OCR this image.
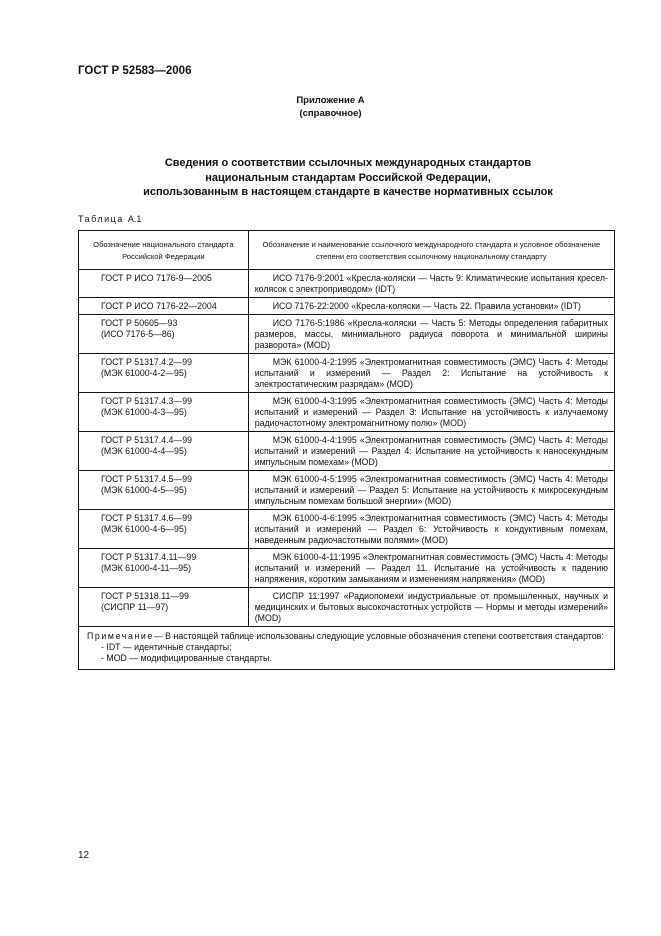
ГОСТ Р 52583—2006
Приложение А
(справочное)
Сведения о соответствии ссылочных международных стандартов
национальным стандартам Российской Федерации,
использованным в настоящем стандарте в качестве нормативных ссылок
Таблица А.1
Обозначение национального стандарта Российской Федерации	Обозначение и наименование ссылочного международного стандарта и условное обозначение степени его соответствия ссылочному национальному стандарту

ГОСТ Р ИСО 7176-9—2005	ИСО 7176-9:2001 «Кресла-коляски — Часть 9: Климатические испытания кресел-колясок с электроприводом» (IDT)

ГОСТ Р ИСО 7176-22—2004	ИСО 7176-22:2000 «Кресла-коляски — Часть 22. Правила установки» (IDT)

ГОСТ Р 50605—93
(ИСО 7176-5—86)	ИСО 7176-5:1986 «Кресла-коляски — Часть 5: Методы определения габаритных размеров, массы, минимального радиуса поворота и минимальной ширины разворота» (MOD)

ГОСТ Р 51317.4.2—99
(МЭК 61000-4-2—95)	МЭК 61000-4-2:1995 «Электромагнитная совместимость (ЭМС) Часть 4: Методы испытаний и измерений — Раздел 2: Испытание на устойчивость к электростатическим разрядам» (MOD)

ГОСТ Р 51317.4.3—99
(МЭК 61000-4-3—95)	МЭК 61000-4-3:1995 «Электромагнитная совместимость (ЭМС) Часть 4: Методы испытаний и измерений — Раздел 3: Испытание на устойчивость к излучаемому радиочастотному электромагнитному полю» (MOD)

ГОСТ Р 51317.4.4—99
(МЭК 61000-4-4—95)	МЭК 61000-4-4:1995 «Электромагнитная совместимость (ЭМС) Часть 4: Методы испытаний и измерений — Раздел 4: Испытание на устойчивость к наносекундным импульсным помехам» (MOD)

ГОСТ Р 51317.4.5—99
(МЭК 61000-4-5—95)	МЭК 61000-4-5:1995 «Электромагнитная совместимость (ЭМС) Часть 4: Методы испытаний и измерений — Раздел 5: Испытание на устойчивость к микросекундным импульсным помехам большой энергии» (MOD)

ГОСТ Р 51317.4.6—99
(МЭК 61000-4-6—95)	МЭК 61000-4-6:1995 «Электромагнитная совместимость (ЭМС) Часть 4: Методы испытаний и измерений — Раздел 6: Устойчивость к кондуктивным помехам, наведенным радиочастотными полями» (MOD)

ГОСТ Р 51317.4.11—99
(МЭК 61000-4-11—95)	МЭК 61000-4-11:1995 «Электромагнитная совместимость (ЭМС) Часть 4: Методы испытаний и измерений — Раздел 11. Испытание на устойчивость к падению напряжения, коротким замыканиям и изменениям напряжения» (MOD)

ГОСТ Р 51318.11—99
(СИСПР 11—97)	СИСПР 11:1997 «Радиопомехи индустриальные от промышленных, научных и медицинских и бытовых высокочастотных устройств — Нормы и методы измерений» (MOD)

Примечание— В настоящей таблице использованы следующие условные обозначения степени соответствия стандартов:
- IDT — идентичные стандарты;
- MOD — модифицированные стандарты.	
12
